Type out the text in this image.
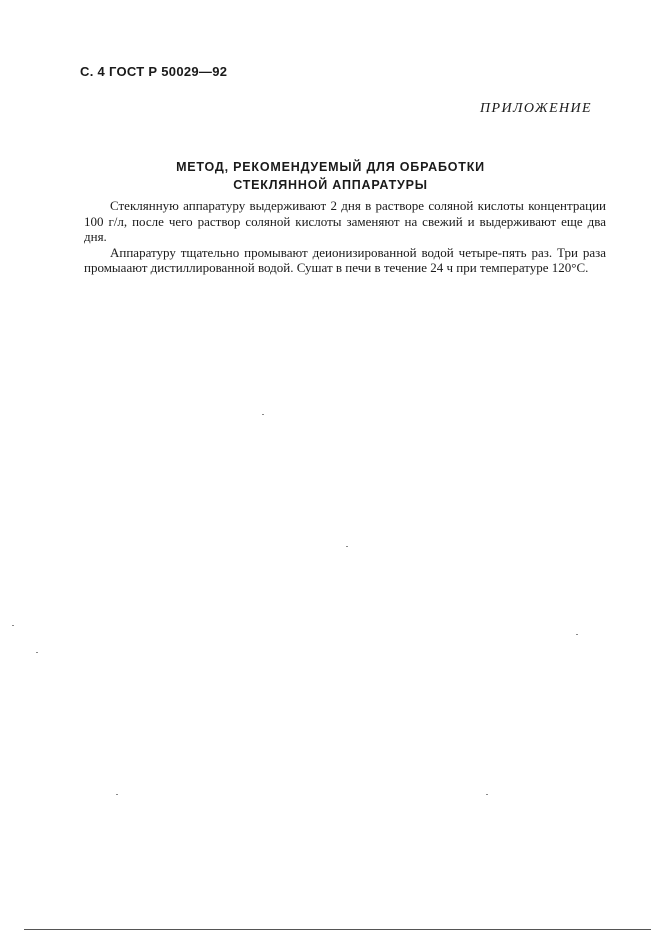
С. 4 ГОСТ Р 50029—92
ПРИЛОЖЕНИЕ
МЕТОД, РЕКОМЕНДУЕМЫЙ ДЛЯ ОБРАБОТКИ
СТЕКЛЯННОЙ АППАРАТУРЫ

Стеклянную аппаратуру выдерживают 2 дня в растворе соляной кислоты концентрации 100 г/л, после чего раствор соляной кислоты заменяют на свежий и выдерживают еще два дня.

Аппаратуру тщательно промывают деионизированной водой четыре-пять раз. Три раза промыаают дистиллированной водой. Сушат в печи в течение 24 ч при температуре 120°С.
